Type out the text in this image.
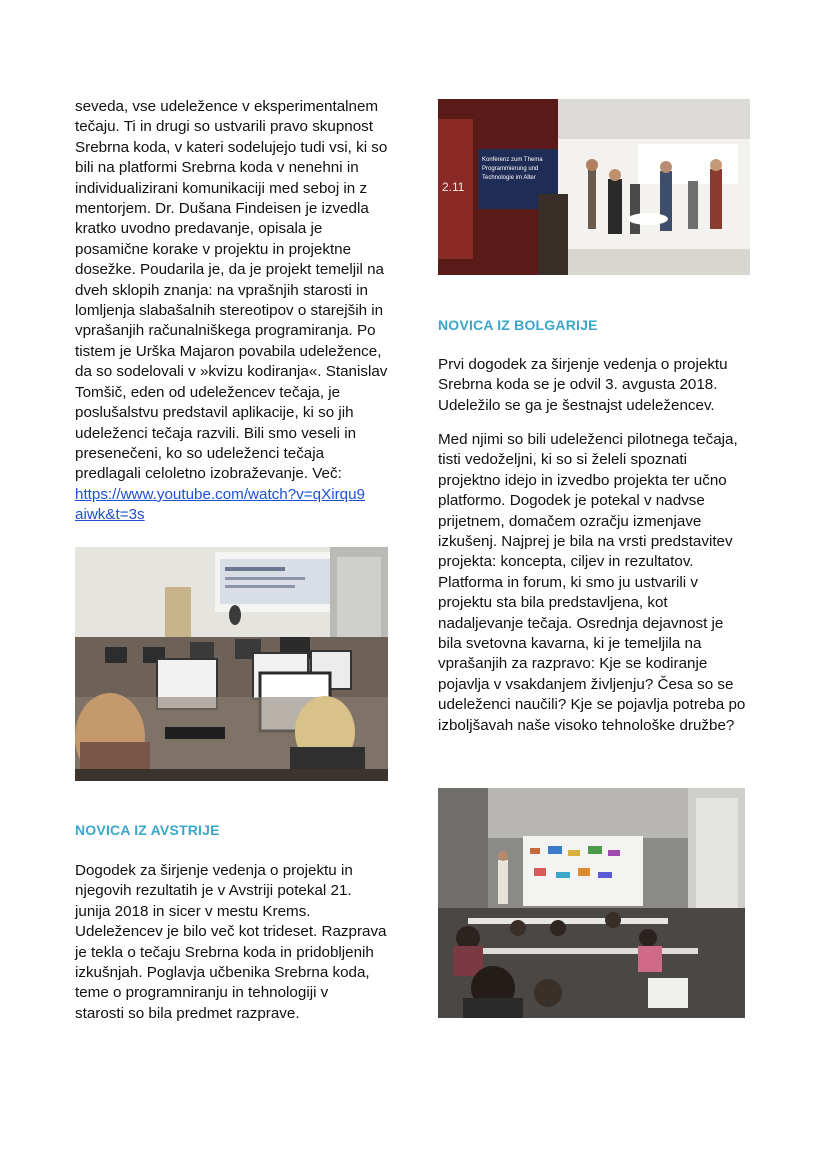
seveda, vse udeležence v eksperimentalnem
tečaju. Ti in drugi so ustvarili pravo skupnost
Srebrna koda, v kateri sodelujejo tudi vsi, ki so
bili na platformi Srebrna koda v nenehni in
individualizirani komunikaciji med seboj in z
mentorjem. Dr. Dušana Findeisen je izvedla
kratko uvodno predavanje, opisala je
posamične korake v projektu in projektne
dosežke. Poudarila je, da je projekt temeljil na
dveh sklopih znanja: na vprašnjih starosti in
lomljenja slabašalnih stereotipov o starejših in
vprašanjih računalniškega programiranja. Po
tistem je Urška Majaron povabila udeležence,
da so sodelovali v »kvizu kodiranja«. Stanislav
Tomšič, eden od udeležencev tečaja, je
poslušalstvu predstavil aplikacije, ki so jih
udeleženci tečaja razvili. Bili smo veseli in
presenečeni, ko so udeleženci tečaja
predlagali celoletno izobraževanje. Več:
https://www.youtube.com/watch?v=qXirqu9
aiwk&t=3s

NOVICA IZ AVSTRIJE

Dogodek za širjenje vedenja o projektu in
njegovih rezultatih je v Avstriji potekal 21.
junija 2018 in sicer v mestu Krems.
Udeležencev je bilo več kot trideset. Razprava
je tekla o tečaju Srebrna koda in pridobljenih
izkušnjah. Poglavja učbenika Srebrna koda,
teme o programniranju in tehnologiji v
starosti so bila predmet razprave.

Konferenz zum Thema
Programmierung und
Technologie im Alter
2.11
NOVICA IZ BOLGARIJE

Prvi dogodek za širjenje vedenja o projektu
Srebrna koda se je odvil 3. avgusta 2018.
Udeležilo se ga je šestnajst udeležencev.

Med njimi so bili udeleženci pilotnega tečaja,
tisti vedoželjni, ki so si želeli spoznati
projektno idejo in izvedbo projekta ter učno
platformo. Dogodek je potekal v nadvse
prijetnem, domačem ozračju izmenjave
izkušenj. Najprej je bila na vrsti predstavitev
projekta: koncepta, ciljev in rezultatov.
Platforma in forum, ki smo ju ustvarili v
projektu sta bila predstavljena, kot
nadaljevanje tečaja. Osrednja dejavnost je
bila svetovna kavarna, ki je temeljila na
vprašanjih za razpravo: Kje se kodiranje
pojavlja v vsakdanjem življenju? Česa so se
udeleženci naučili? Kje se pojavlja potreba po
izboljšavah naše visoko tehnološke družbe?
